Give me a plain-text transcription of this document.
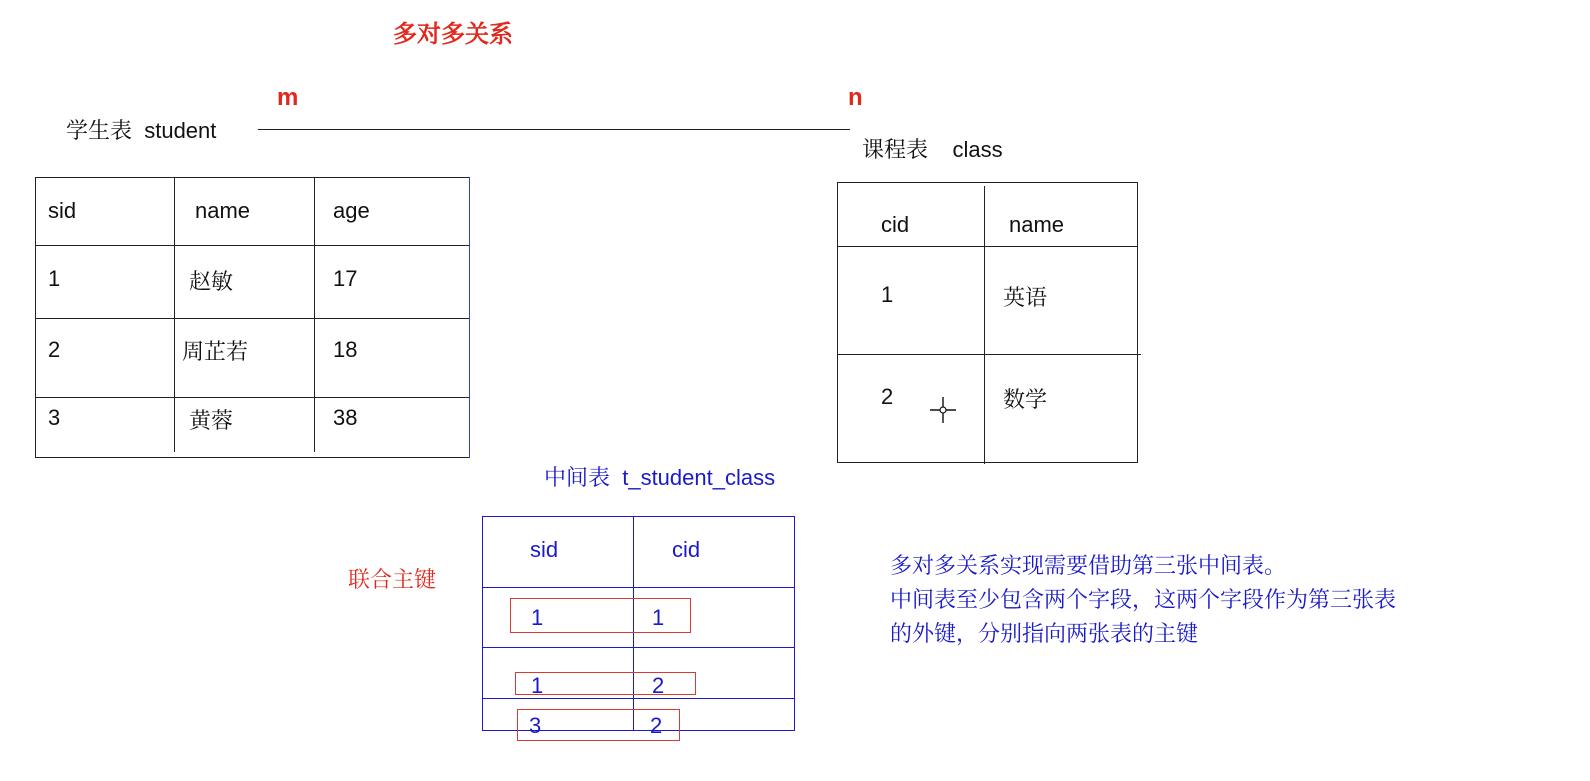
多对多关系
m	n
学生表  student
课程表    class
中间表  t_student_class
联合主键
sid	name	age
1	赵敏	17
2	周芷若	18
3	黄蓉	38
cid	name
1	英语
2	数学
sid	cid
1	1
1	2
3	2
多对多关系实现需要借助第三张中间表。
中间表至少包含两个字段，这两个字段作为第三张表
的外键，分别指向两张表的主键
